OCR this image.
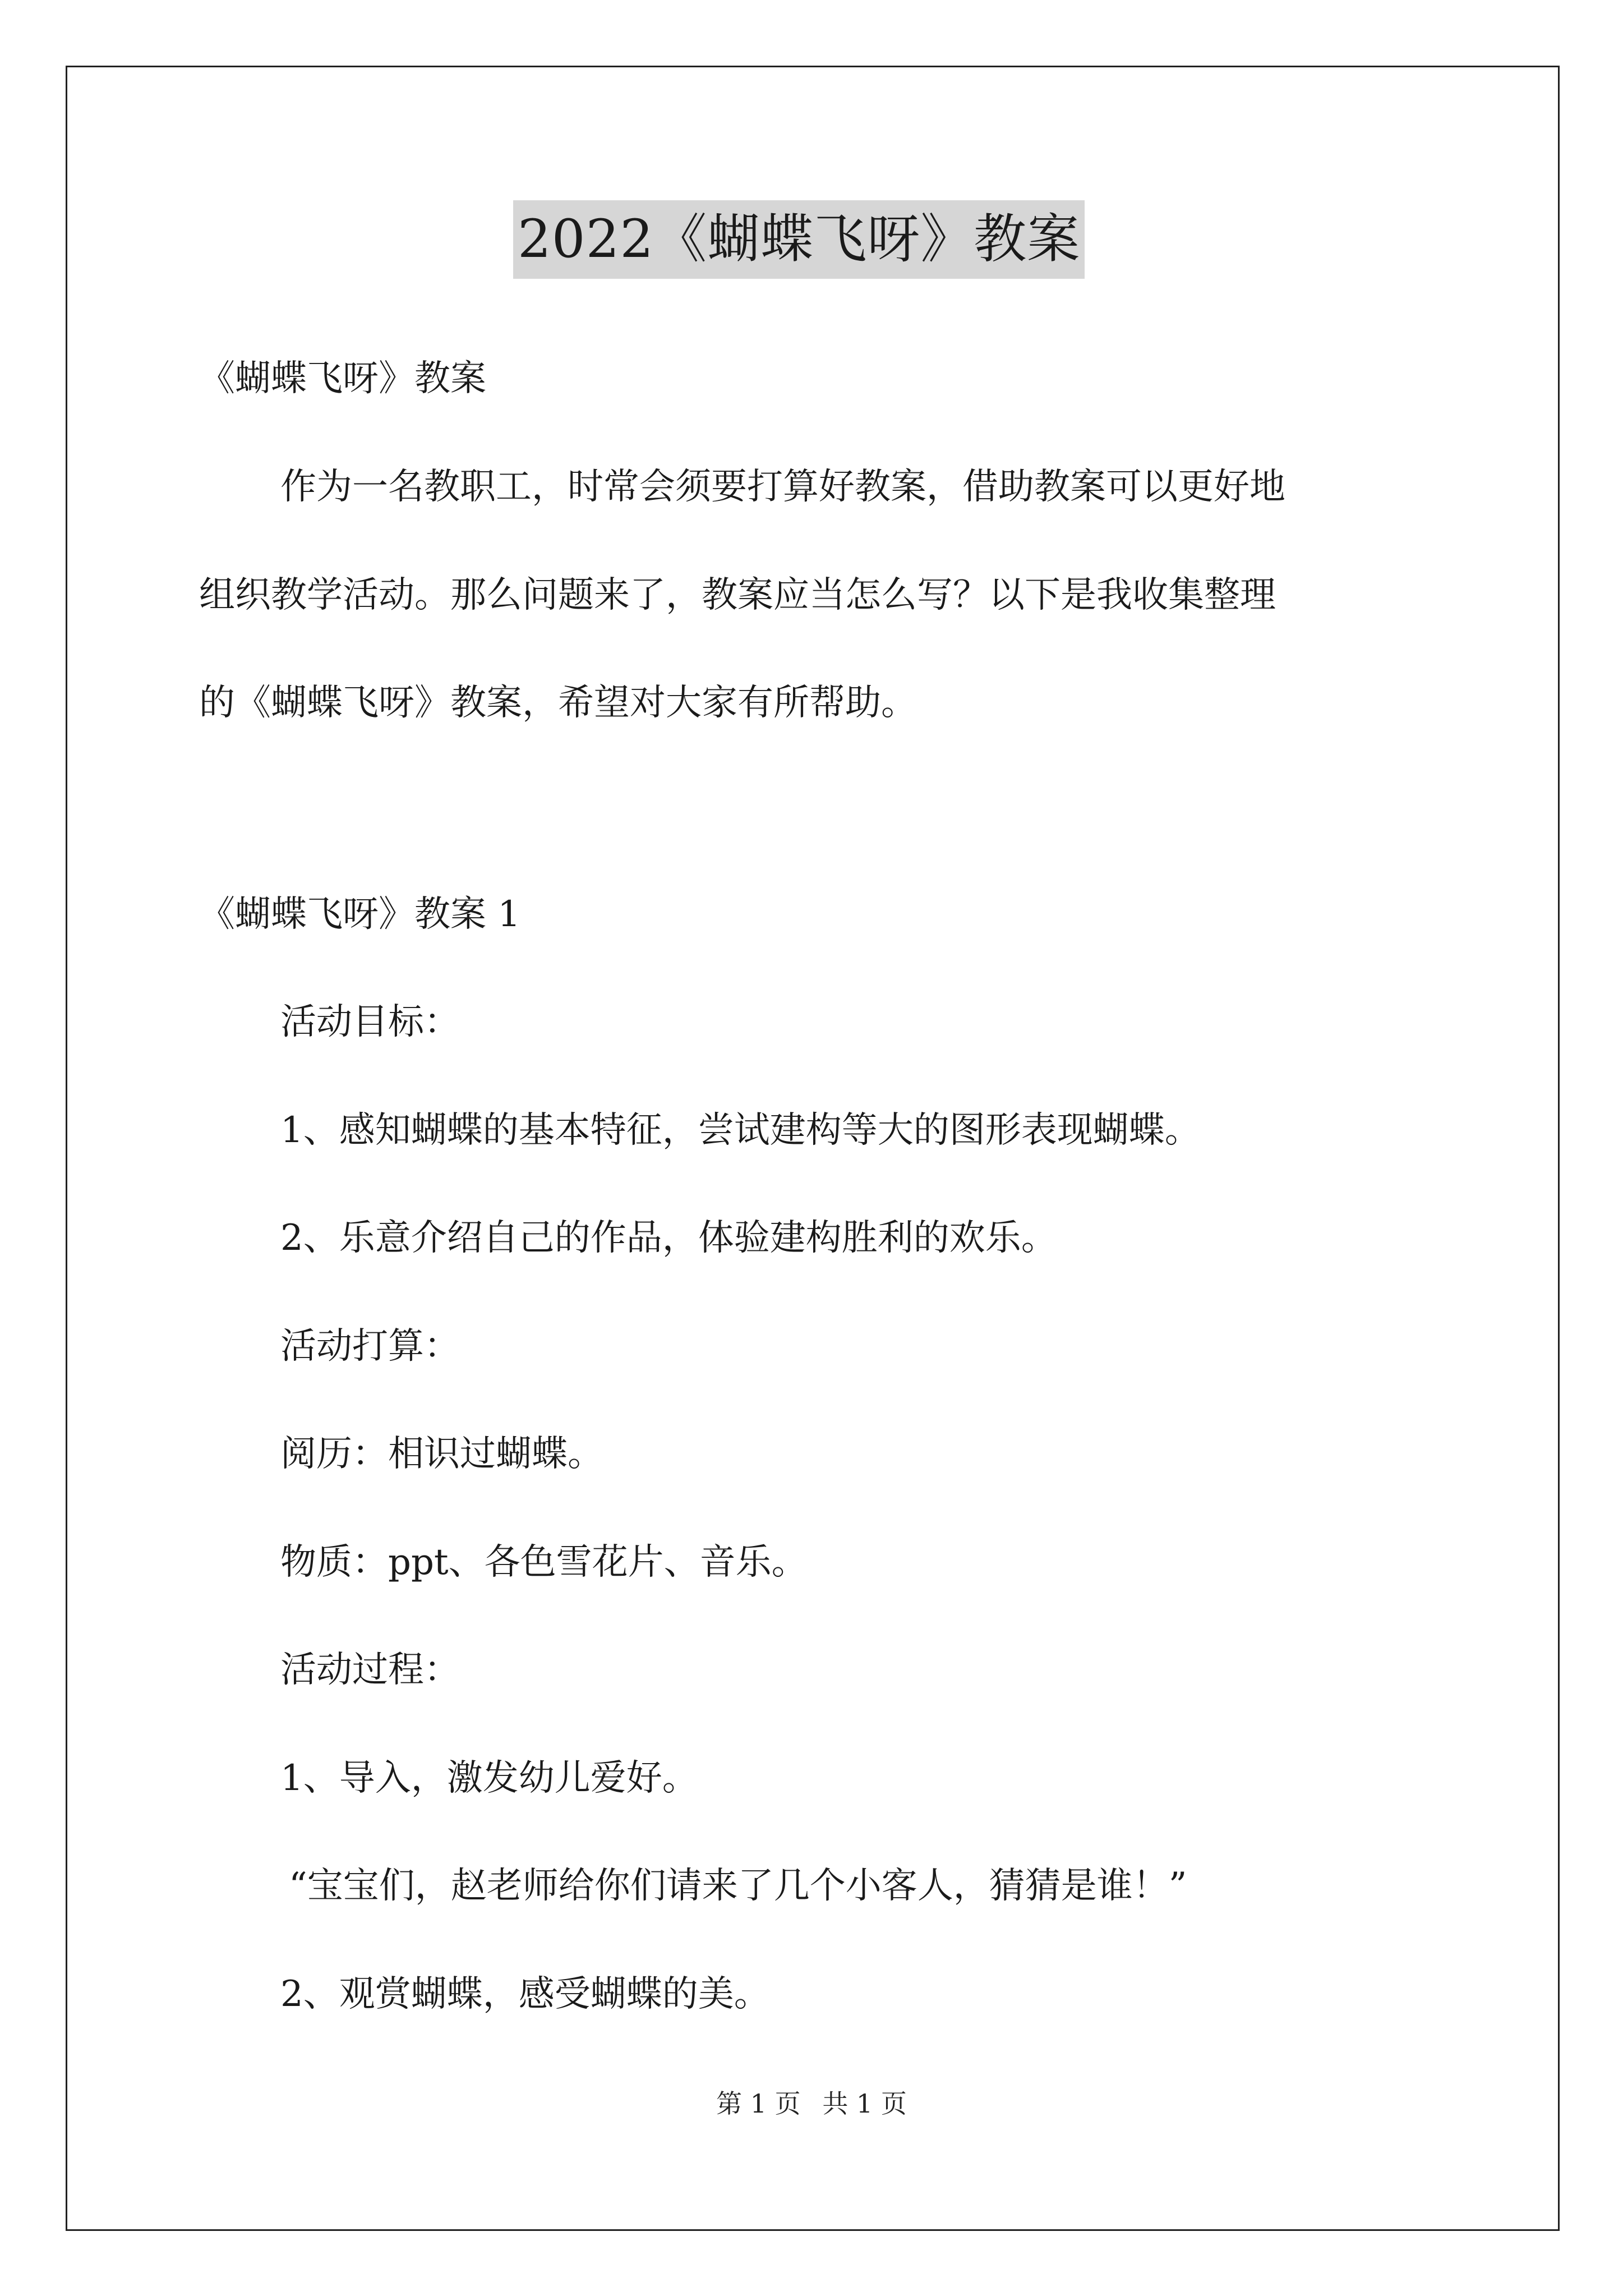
2022《蝴蝶飞呀》教案
《蝴蝶飞呀》教案
作为一名教职工，时常会须要打算好教案，借助教案可以更好地
组织教学活动。那么问题来了，教案应当怎么写？以下是我收集整理
的《蝴蝶飞呀》教案，希望对大家有所帮助。
《蝴蝶飞呀》教案 1
活动目标：
1、感知蝴蝶的基本特征，尝试建构等大的图形表现蝴蝶。
2、乐意介绍自己的作品，体验建构胜利的欢乐。
活动打算：
阅历：相识过蝴蝶。
物质：ppt、各色雪花片、音乐。
活动过程：
1、导入，激发幼儿爱好。
“宝宝们，赵老师给你们请来了几个小客人，猜猜是谁！”
2、观赏蝴蝶，感受蝴蝶的美。
第 1 页 共 1 页
